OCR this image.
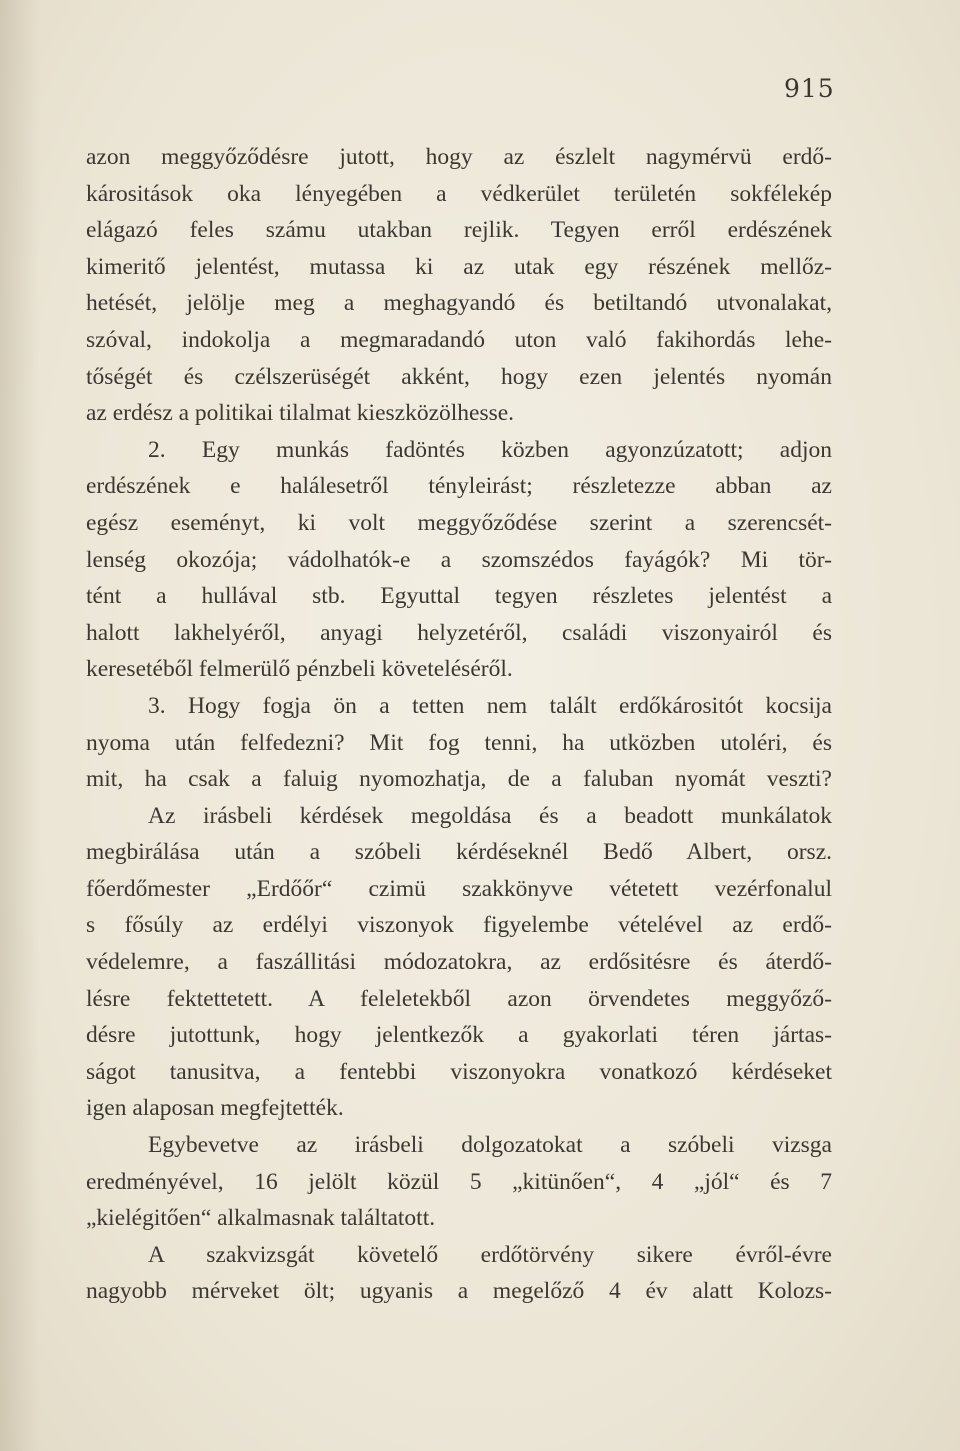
915
azon meggyőződésre jutott, hogy az észlelt nagymérvü erdő-
kárositások oka lényegében a védkerület területén sokfélekép
elágazó feles számu utakban rejlik. Tegyen erről erdészének
kimeritő jelentést, mutassa ki az utak egy részének mellőz-
hetését, jelölje meg a meghagyandó és betiltandó utvonalakat,
szóval, indokolja a megmaradandó uton való fakihordás lehe-
tőségét és czélszerüségét akként, hogy ezen jelentés nyomán
az erdész a politikai tilalmat kieszközölhesse.
2. Egy munkás fadöntés közben agyonzúzatott; adjon
erdészének e halálesetről tényleirást; részletezze abban az
egész eseményt, ki volt meggyőződése szerint a szerencsét-
lenség okozója; vádolhatók-e a szomszédos fayágók? Mi tör-
tént a hullával stb. Egyuttal tegyen részletes jelentést a
halott lakhelyéről, anyagi helyzetéről, családi viszonyairól és
keresetéből felmerülő pénzbeli követeléséről.
3. Hogy fogja ön a tetten nem talált erdőkárositót kocsija
nyoma után felfedezni? Mit fog tenni, ha utközben utoléri, és
mit, ha csak a faluig nyomozhatja, de a faluban nyomát veszti?
Az irásbeli kérdések megoldása és a beadott munkálatok
megbirálása után a szóbeli kérdéseknél Bedő Albert, orsz.
főerdőmester „Erdőőr“ czimü szakkönyve vétetett vezérfonalul
s fősúly az erdélyi viszonyok figyelembe vételével az erdő-
védelemre, a faszállitási módozatokra, az erdősitésre és áterdő-
lésre fektettetett. A feleletekből azon örvendetes meggyőző-
désre jutottunk, hogy jelentkezők a gyakorlati téren jártas-
ságot tanusitva, a fentebbi viszonyokra vonatkozó kérdéseket
igen alaposan megfejtették.
Egybevetve az irásbeli dolgozatokat a szóbeli vizsga
eredményével, 16 jelölt közül 5 „kitünően“, 4 „jól“ és 7
„kielégitően“ alkalmasnak találtatott.
A szakvizsgát követelő erdőtörvény sikere évről-évre
nagyobb mérveket ölt; ugyanis a megelőző 4 év alatt Kolozs-
